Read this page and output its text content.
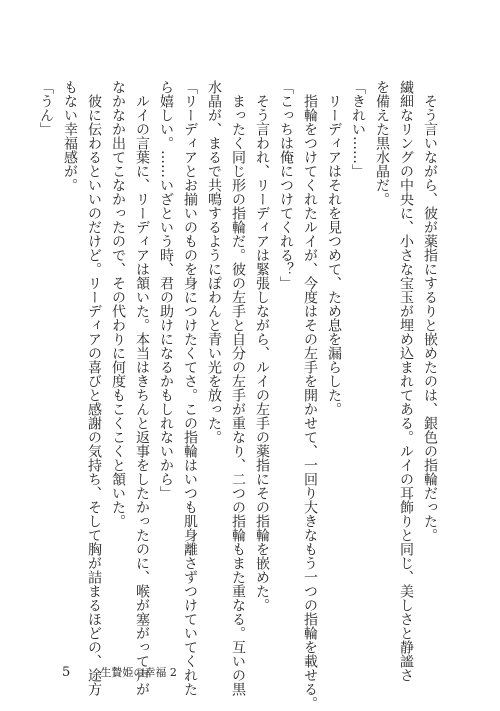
　そう言いながら、彼が薬指にするりと嵌めたのは、銀色の指輪だった。

繊細なリングの中央に、小さな宝玉が埋め込まれてある。ルイの耳飾りと同じ、美しさと静謐さ

を備えた黒水晶だ。

「きれい……」

　リーディアはそれを見つめて、ため息を漏らした。

　指輪をつけてくれたルイが、今度はその左手を開かせて、一回り大きなもう一つの指輪を載せる。

「こっちは俺につけてくれる？」

　そう言われ、リーディアは緊張しながら、ルイの左手の薬指にその指輪を嵌めた。

　まったく同じ形の指輪だ。彼の左手と自分の左手が重なり、二つの指輪もまた重なる。互いの黒

水晶が、まるで共鳴するようにぽわんと青い光を放った。

「リーディアとお揃いのものを身につけたくてさ。この指輪はいつも肌身離さずつけていてくれた

ら嬉しい。……いざという時、君の助けになるかもしれないから」

　ルイの言葉に、リーディアは頷いた。本当はきちんと返事をしたかったのに、喉が塞がって声が

なかなか出てこなかったので、その代わりに何度もこくこくと頷いた。

　彼に伝わるといいのだけど。リーディアの喜びと感謝の気持ち、そして胸が詰まるほどの、途方

もない幸福感が。

「うん」

5	生贄姫の幸福 2
